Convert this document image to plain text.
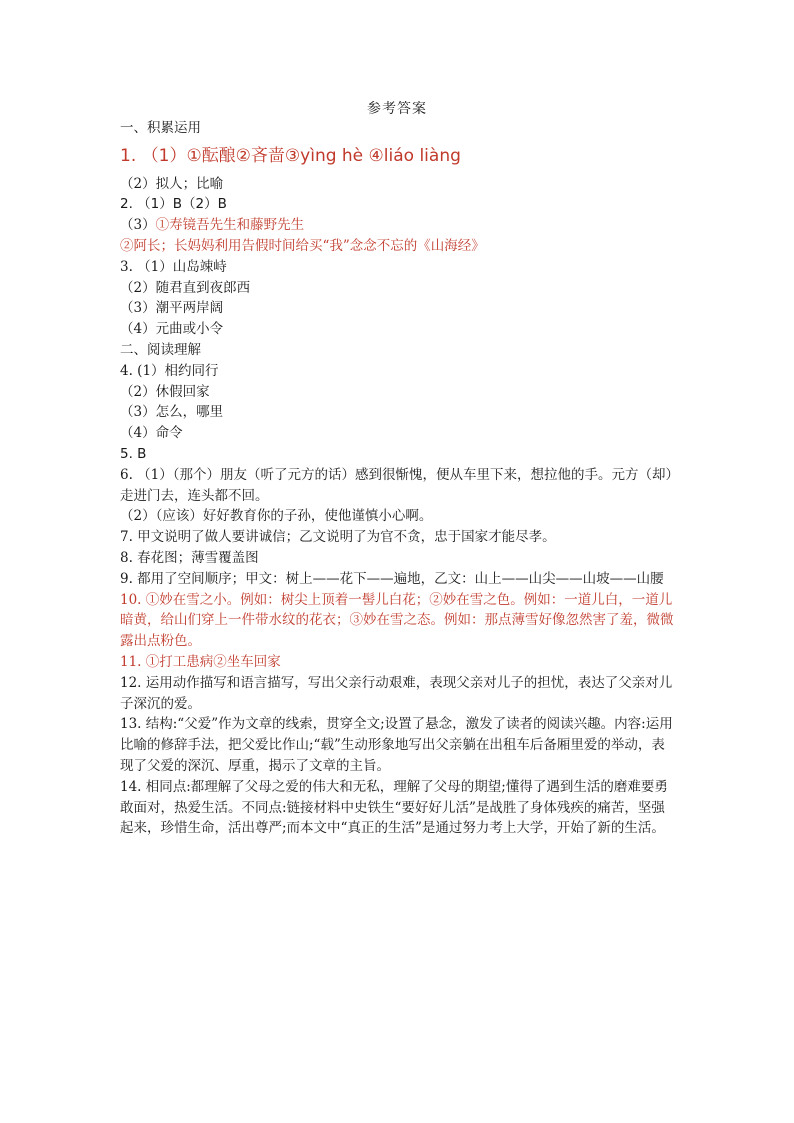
参考答案

一、积累运用

1. （1）①酝酿②吝啬③yìng hè ④liáo liàng

（2）拟人；比喻

2. （1）B（2）B

（3）①寿镜吾先生和藤野先生

②阿长；长妈妈利用告假时间给买“我”念念不忘的《山海经》

3. （1）山岛竦峙

（2）随君直到夜郎西

（3）潮平两岸阔

（4）元曲或小令

二、阅读理解

4. (1）相约同行

（2）休假回家

（3）怎么，哪里

（4）命令

5. B

6. （1）（那个）朋友（听了元方的话）感到很惭愧，便从车里下来，想拉他的手。元方（却）走进门去，连头都不回。

（2）（应该）好好教育你的子孙，使他谨慎小心啊。

7. 甲文说明了做人要讲诚信；乙文说明了为官不贪，忠于国家才能尽孝。

8. 春花图；薄雪覆盖图

9. 都用了空间顺序；甲文：树上——花下——遍地，乙文：山上——山尖——山坡——山腰

10. ①妙在雪之小。例如：树尖上顶着一髻儿白花；②妙在雪之色。例如：一道儿白，一道儿暗黄，给山们穿上一件带水纹的花衣；③妙在雪之态。例如：那点薄雪好像忽然害了羞，微微露出点粉色。

11. ①打工患病②坐车回家

12. 运用动作描写和语言描写，写出父亲行动艰难，表现父亲对儿子的担忧，表达了父亲对儿子深沉的爱。

13. 结构:“父爱”作为文章的线索，贯穿全文;设置了悬念，激发了读者的阅读兴趣。内容:运用比喻的修辞手法，把父爱比作山;“载”生动形象地写出父亲躺在出租车后备厢里爱的举动，表现了父爱的深沉、厚重，揭示了文章的主旨。

14. 相同点:都理解了父母之爱的伟大和无私，理解了父母的期望;懂得了遇到生活的磨难要勇敢面对，热爱生活。不同点:链接材料中史铁生“要好好儿活”是战胜了身体残疾的痛苦，坚强起来，珍惜生命，活出尊严;而本文中“真正的生活”是通过努力考上大学，开始了新的生活。
